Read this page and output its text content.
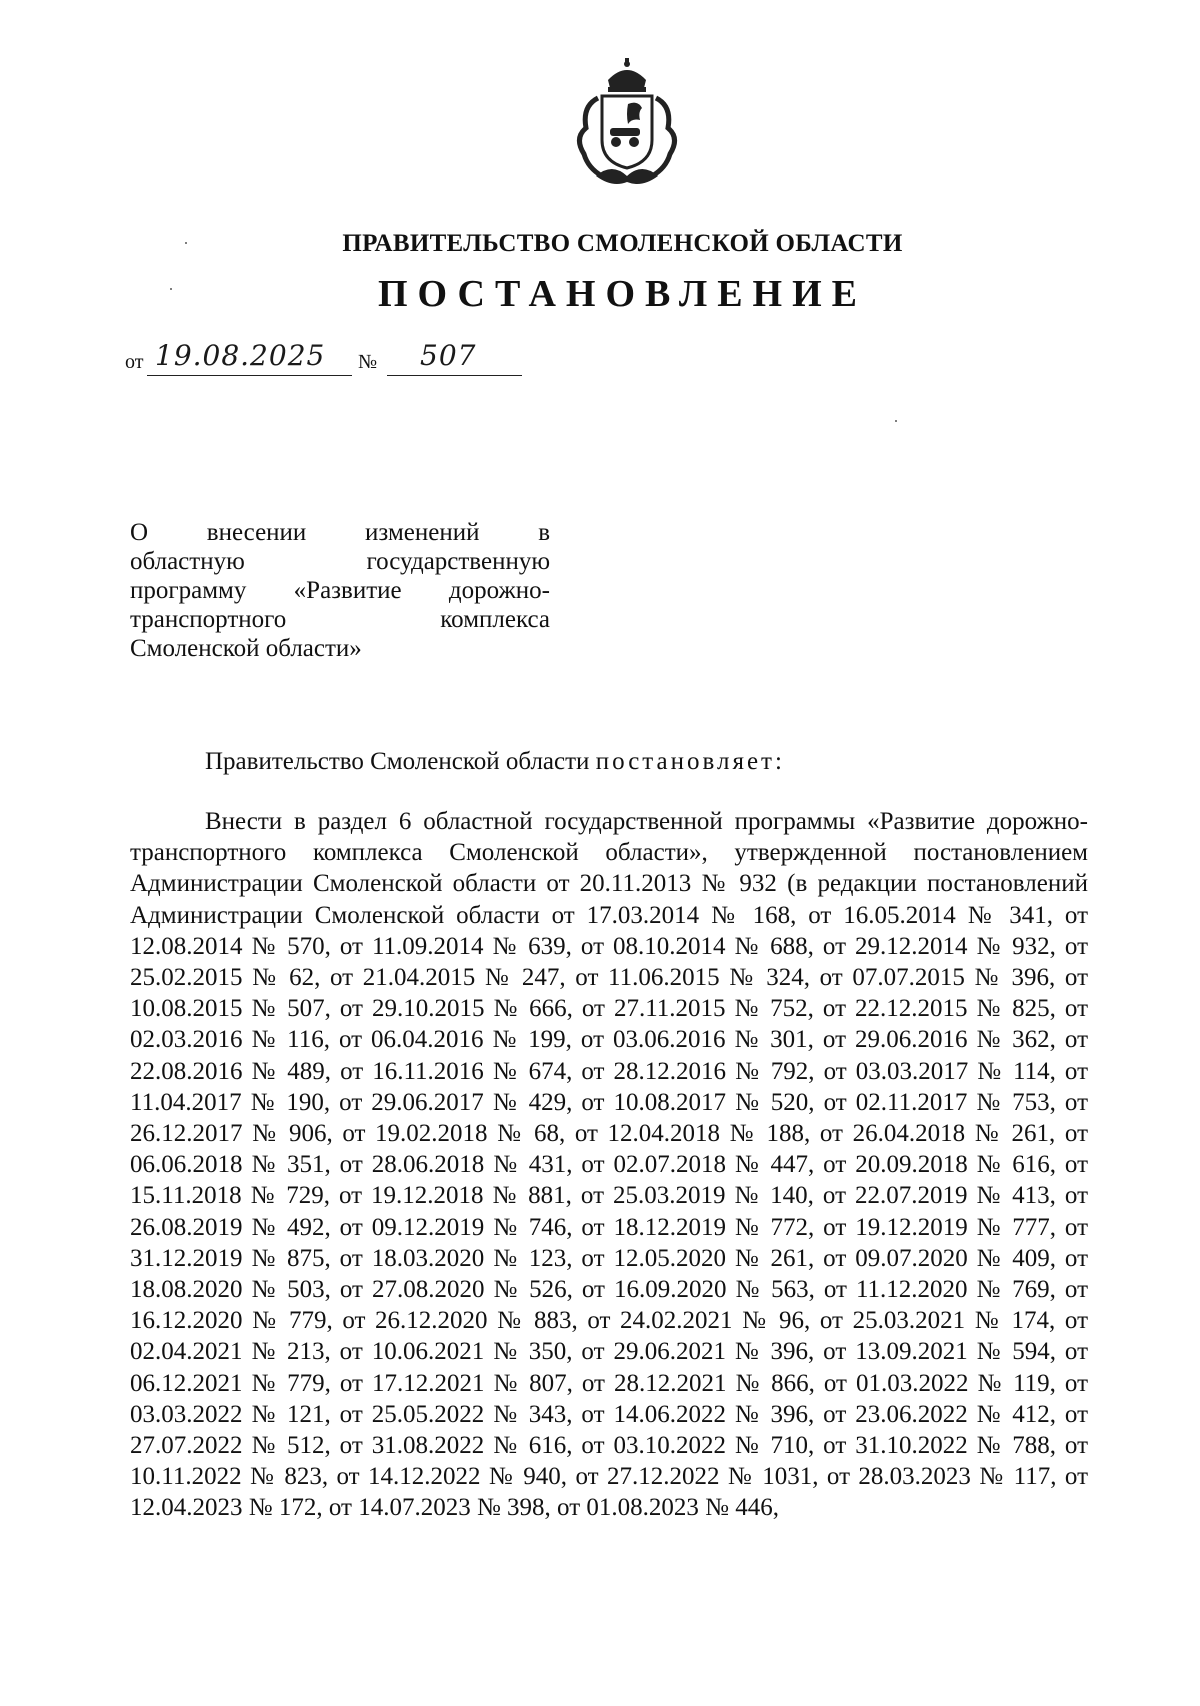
ПРАВИТЕЛЬСТВО СМОЛЕНСКОЙ ОБЛАСТИ
ПОСТАНОВЛЕНИЕ
от 19.08.2025 № 507
О внесении изменений в
областную государственную
программу «Развитие дорожно-
транспортного комплекса
Смоленской области»
Правительство Смоленской области постановляет:

Внести в раздел 6 областной государственной программы «Развитие дорожно-транспортного комплекса Смоленской области», утвержденной постановлением Администрации Смоленской области от 20.11.2013 № 932 (в редакции постановлений Администрации Смоленской области от 17.03.2014 № 168, от 16.05.2014 № 341, от 12.08.2014 № 570, от 11.09.2014 № 639, от 08.10.2014 № 688, от 29.12.2014 № 932, от 25.02.2015 № 62, от 21.04.2015 № 247, от 11.06.2015 № 324, от 07.07.2015 № 396, от 10.08.2015 № 507, от 29.10.2015 № 666, от 27.11.2015 № 752, от 22.12.2015 № 825, от 02.03.2016 № 116, от 06.04.2016 № 199, от 03.06.2016 № 301, от 29.06.2016 № 362, от 22.08.2016 № 489, от 16.11.2016 № 674, от 28.12.2016 № 792, от 03.03.2017 № 114, от 11.04.2017 № 190, от 29.06.2017 № 429, от 10.08.2017 № 520, от 02.11.2017 № 753, от 26.12.2017 № 906, от 19.02.2018 № 68, от 12.04.2018 № 188, от 26.04.2018 № 261, от 06.06.2018 № 351, от 28.06.2018 № 431, от 02.07.2018 № 447, от 20.09.2018 № 616, от 15.11.2018 № 729, от 19.12.2018 № 881, от 25.03.2019 № 140, от 22.07.2019 № 413, от 26.08.2019 № 492, от 09.12.2019 № 746, от 18.12.2019 № 772, от 19.12.2019 № 777, от 31.12.2019 № 875, от 18.03.2020 № 123, от 12.05.2020 № 261, от 09.07.2020 № 409, от 18.08.2020 № 503, от 27.08.2020 № 526, от 16.09.2020 № 563, от 11.12.2020 № 769, от 16.12.2020 № 779, от 26.12.2020 № 883, от 24.02.2021 № 96, от 25.03.2021 № 174, от 02.04.2021 № 213, от 10.06.2021 № 350, от 29.06.2021 № 396, от 13.09.2021 № 594, от 06.12.2021 № 779, от 17.12.2021 № 807, от 28.12.2021 № 866, от 01.03.2022 № 119, от 03.03.2022 № 121, от 25.05.2022 № 343, от 14.06.2022 № 396, от 23.06.2022 № 412, от 27.07.2022 № 512, от 31.08.2022 № 616, от 03.10.2022 № 710, от 31.10.2022 № 788, от 10.11.2022 № 823, от 14.12.2022 № 940, от 27.12.2022 № 1031, от 28.03.2023 № 117, от 12.04.2023 № 172, от 14.07.2023 № 398, от 01.08.2023 № 446,
